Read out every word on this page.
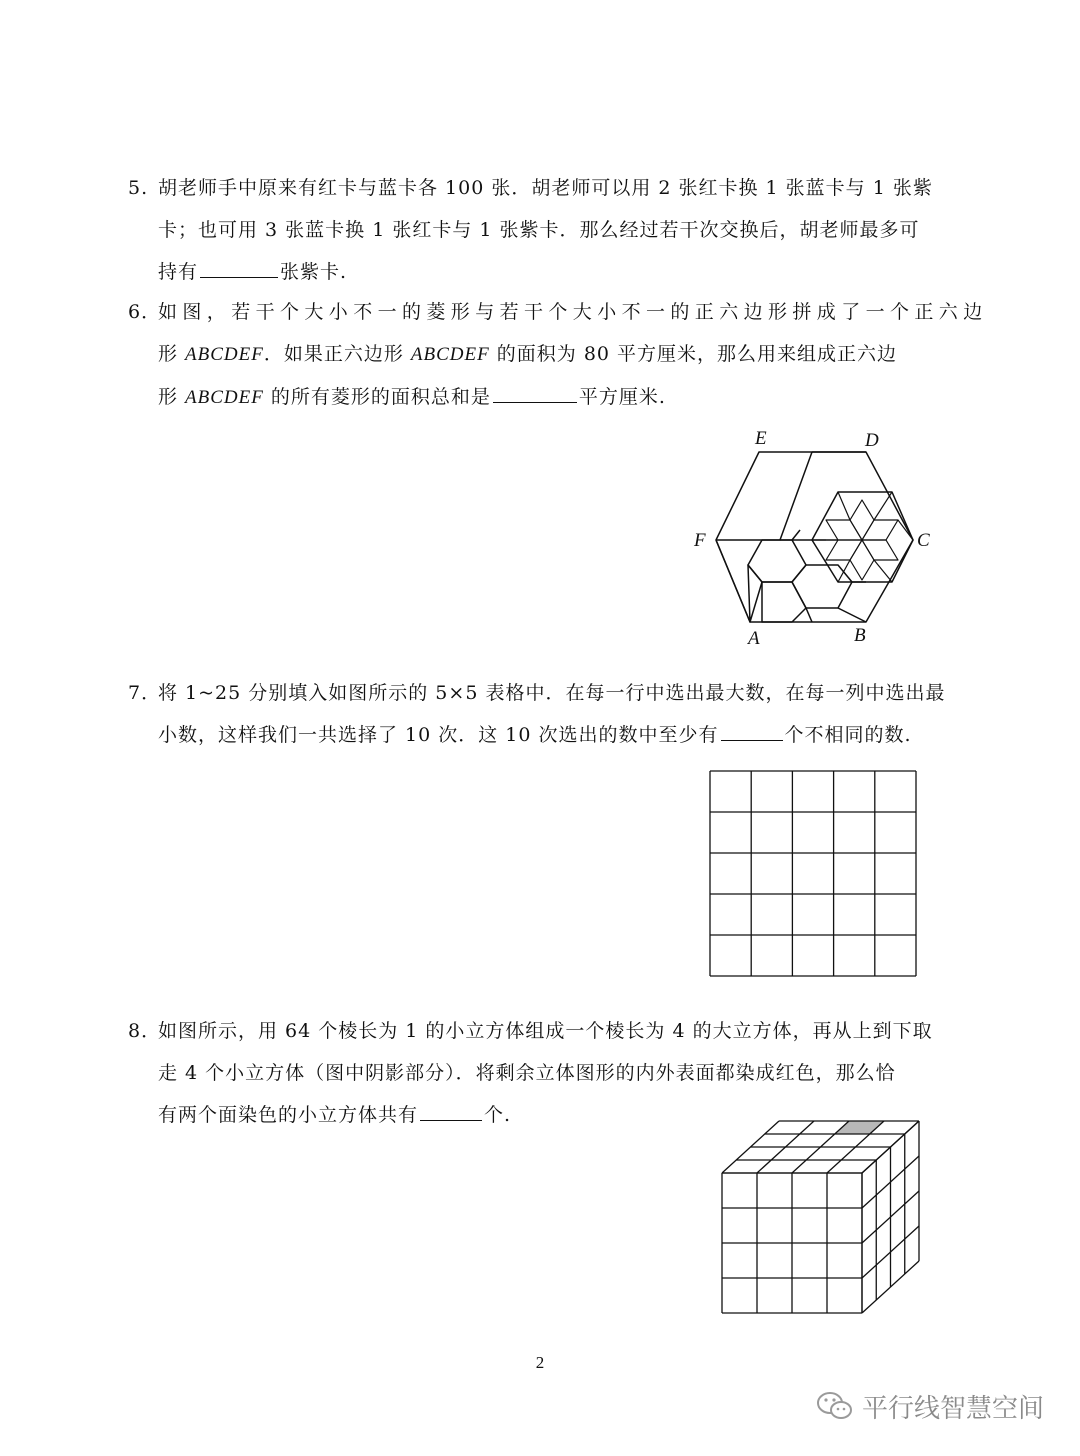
5. 胡老师手中原来有红卡与蓝卡各 100 张．胡老师可以用 2 张红卡换 1 张蓝卡与 1 张紫
卡；也可用 3 张蓝卡换 1 张红卡与 1 张紫卡．那么经过若干次交换后，胡老师最多可
持有	张紫卡.
6．如图，若干个大小不一的菱形与若干个大小不一的正六边形拼成了一个正六边
形 ABCDEF．如果正六边形 ABCDEF 的面积为 80 平方厘米，那么用来组成正六边
形 ABCDEF 的所有菱形的面积总和是	平方厘米.
E	D
C
F
A	B
7．将 1~25 分别填入如图所示的 5×5 表格中．在每一行中选出最大数，在每一列中选出最
小数，这样我们一共选择了 10 次．这 10 次选出的数中至少有	个不相同的数.
8．如图所示，用 64 个棱长为 1 的小立方体组成一个棱长为 4 的大立方体，再从上到下取
走 4 个小立方体（图中阴影部分）．将剩余立体图形的内外表面都染成红色，那么恰
有两个面染色的小立方体共有	个.
2
平行线智慧空间
